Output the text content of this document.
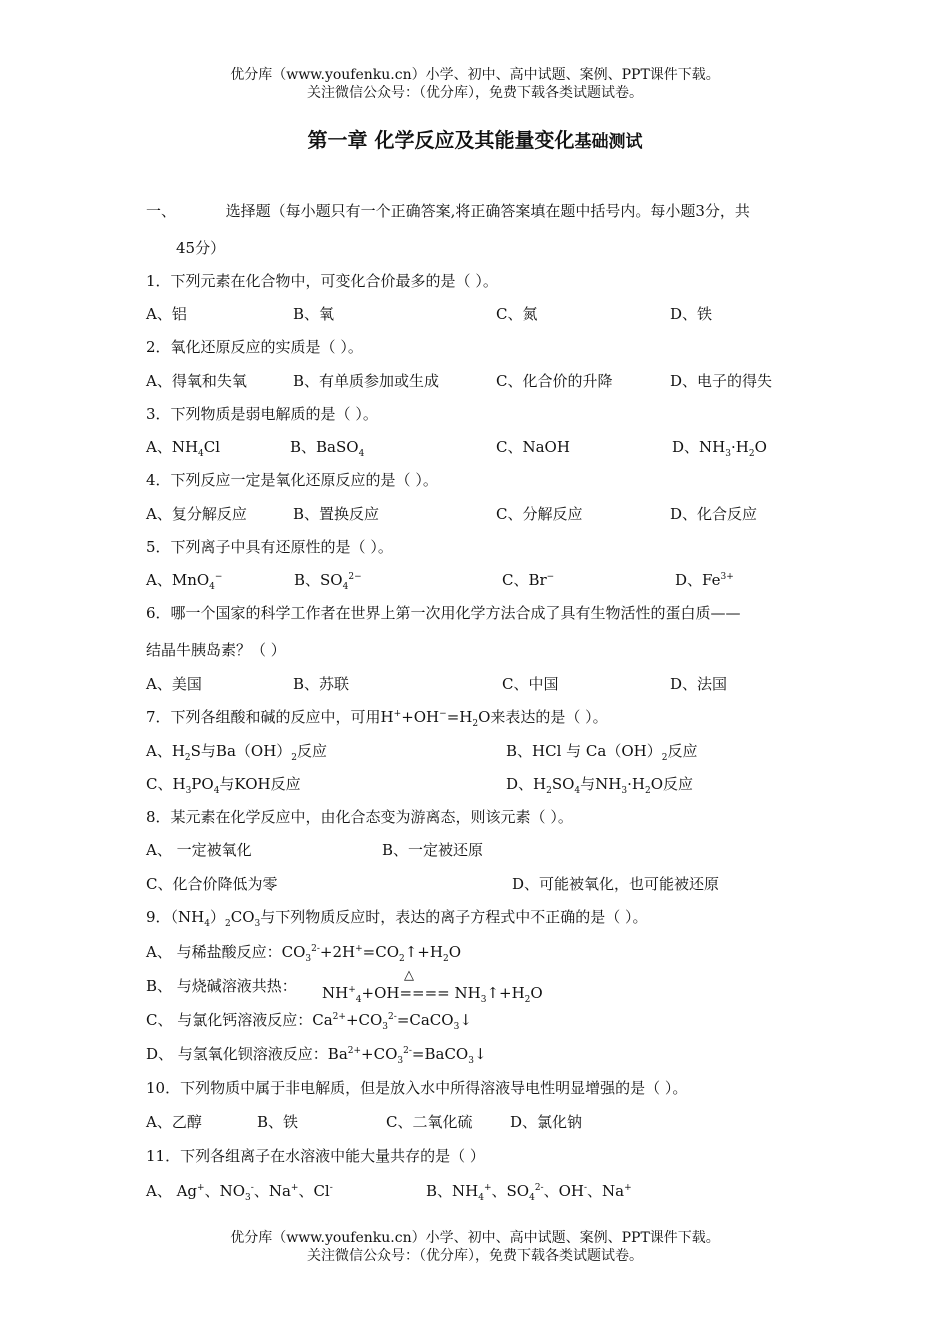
优分库（www.youfenku.cn）小学、初中、高中试题、案例、PPT课件下载。
关注微信公众号：（优分库），免费下载各类试题试卷。
第一章 化学反应及其能量变化基础测试
一、	选择题（每小题只有一个正确答案,将正确答案填在题中括号内。每小题3分，共
45分）
1．下列元素在化合物中，可变化合价最多的是（ ）。
A、铝	B、氧	C、氮	D、铁
2．氧化还原反应的实质是（ ）。
A、得氧和失氧	B、有单质参加或生成	C、化合价的升降	D、电子的得失
3．下列物质是弱电解质的是（ ）。
A、$NH_4Cl$	B、BaSO$_4$	C、NaOH	D、$NH_3\cdot H_2O$
4．下列反应一定是氧化还原反应的是（ ）。
A、复分解反应	B、置换反应	C、分解反应	D、化合反应
5．下列离子中具有还原性的是（ ）。
A、MnO$_4$−	B、$SO_4^{2-}$	C、Br−	D、$Fe^{3+}$
6．哪一个国家的科学工作者在世界上第一次用化学方法合成了具有生物活性的蛋白质——
结晶牛胰岛素？（ ）
A、美国	B、苏联	C、中国	D、法国
7．下列各组酸和碱的反应中，可用$H^++OH^-=H_2O$来表达的是（ ）。
A、$H_2S$与$Ba(OH)_2$反应	B、HCl 与 $Ca(OH)_2$反应
C、$H_3PO_4$与KOH反应	D、$H_2SO_4$与$NH_3\cdot H_2O$反应
8．某元素在化学反应中，由化合态变为游离态，则该元素（ ）。
A、 一定被氧化	B、一定被还原
C、化合价降低为零	D、可能被氧化，也可能被还原
9．$(NH_4)_2CO_3$与下列物质反应时，表达的离子方程式中不正确的是（ ）。
A、 与稀盐酸反应：$CO_3^{2-}+2H^+=CO_2↑+H_2O$
△
B、 与烧碱溶液共热： $NH^+_4+OH====$ $NH_3↑+H_2O$
C、 与氯化钙溶液反应：$Ca^{2+}+CO_3^{2-}=CaCO_3↓$
D、 与氢氧化钡溶液反应：$Ba^{2+}+CO_3^{2-}=BaCO_3↓$
10．下列物质中属于非电解质，但是放入水中所得溶液导电性明显增强的是（ ）。
A、乙醇	B、铁	C、二氧化硫	D、氯化钠
11．下列各组离子在水溶液中能大量共存的是（ ）
A、 Ag+、$NO_3^-$、Na+、Cl-	B、$NH_4^+$、$SO_4^{2-}$、OH-、Na+
优分库（www.youfenku.cn）小学、初中、高中试题、案例、PPT课件下载。
关注微信公众号：（优分库），免费下载各类试题试卷。
